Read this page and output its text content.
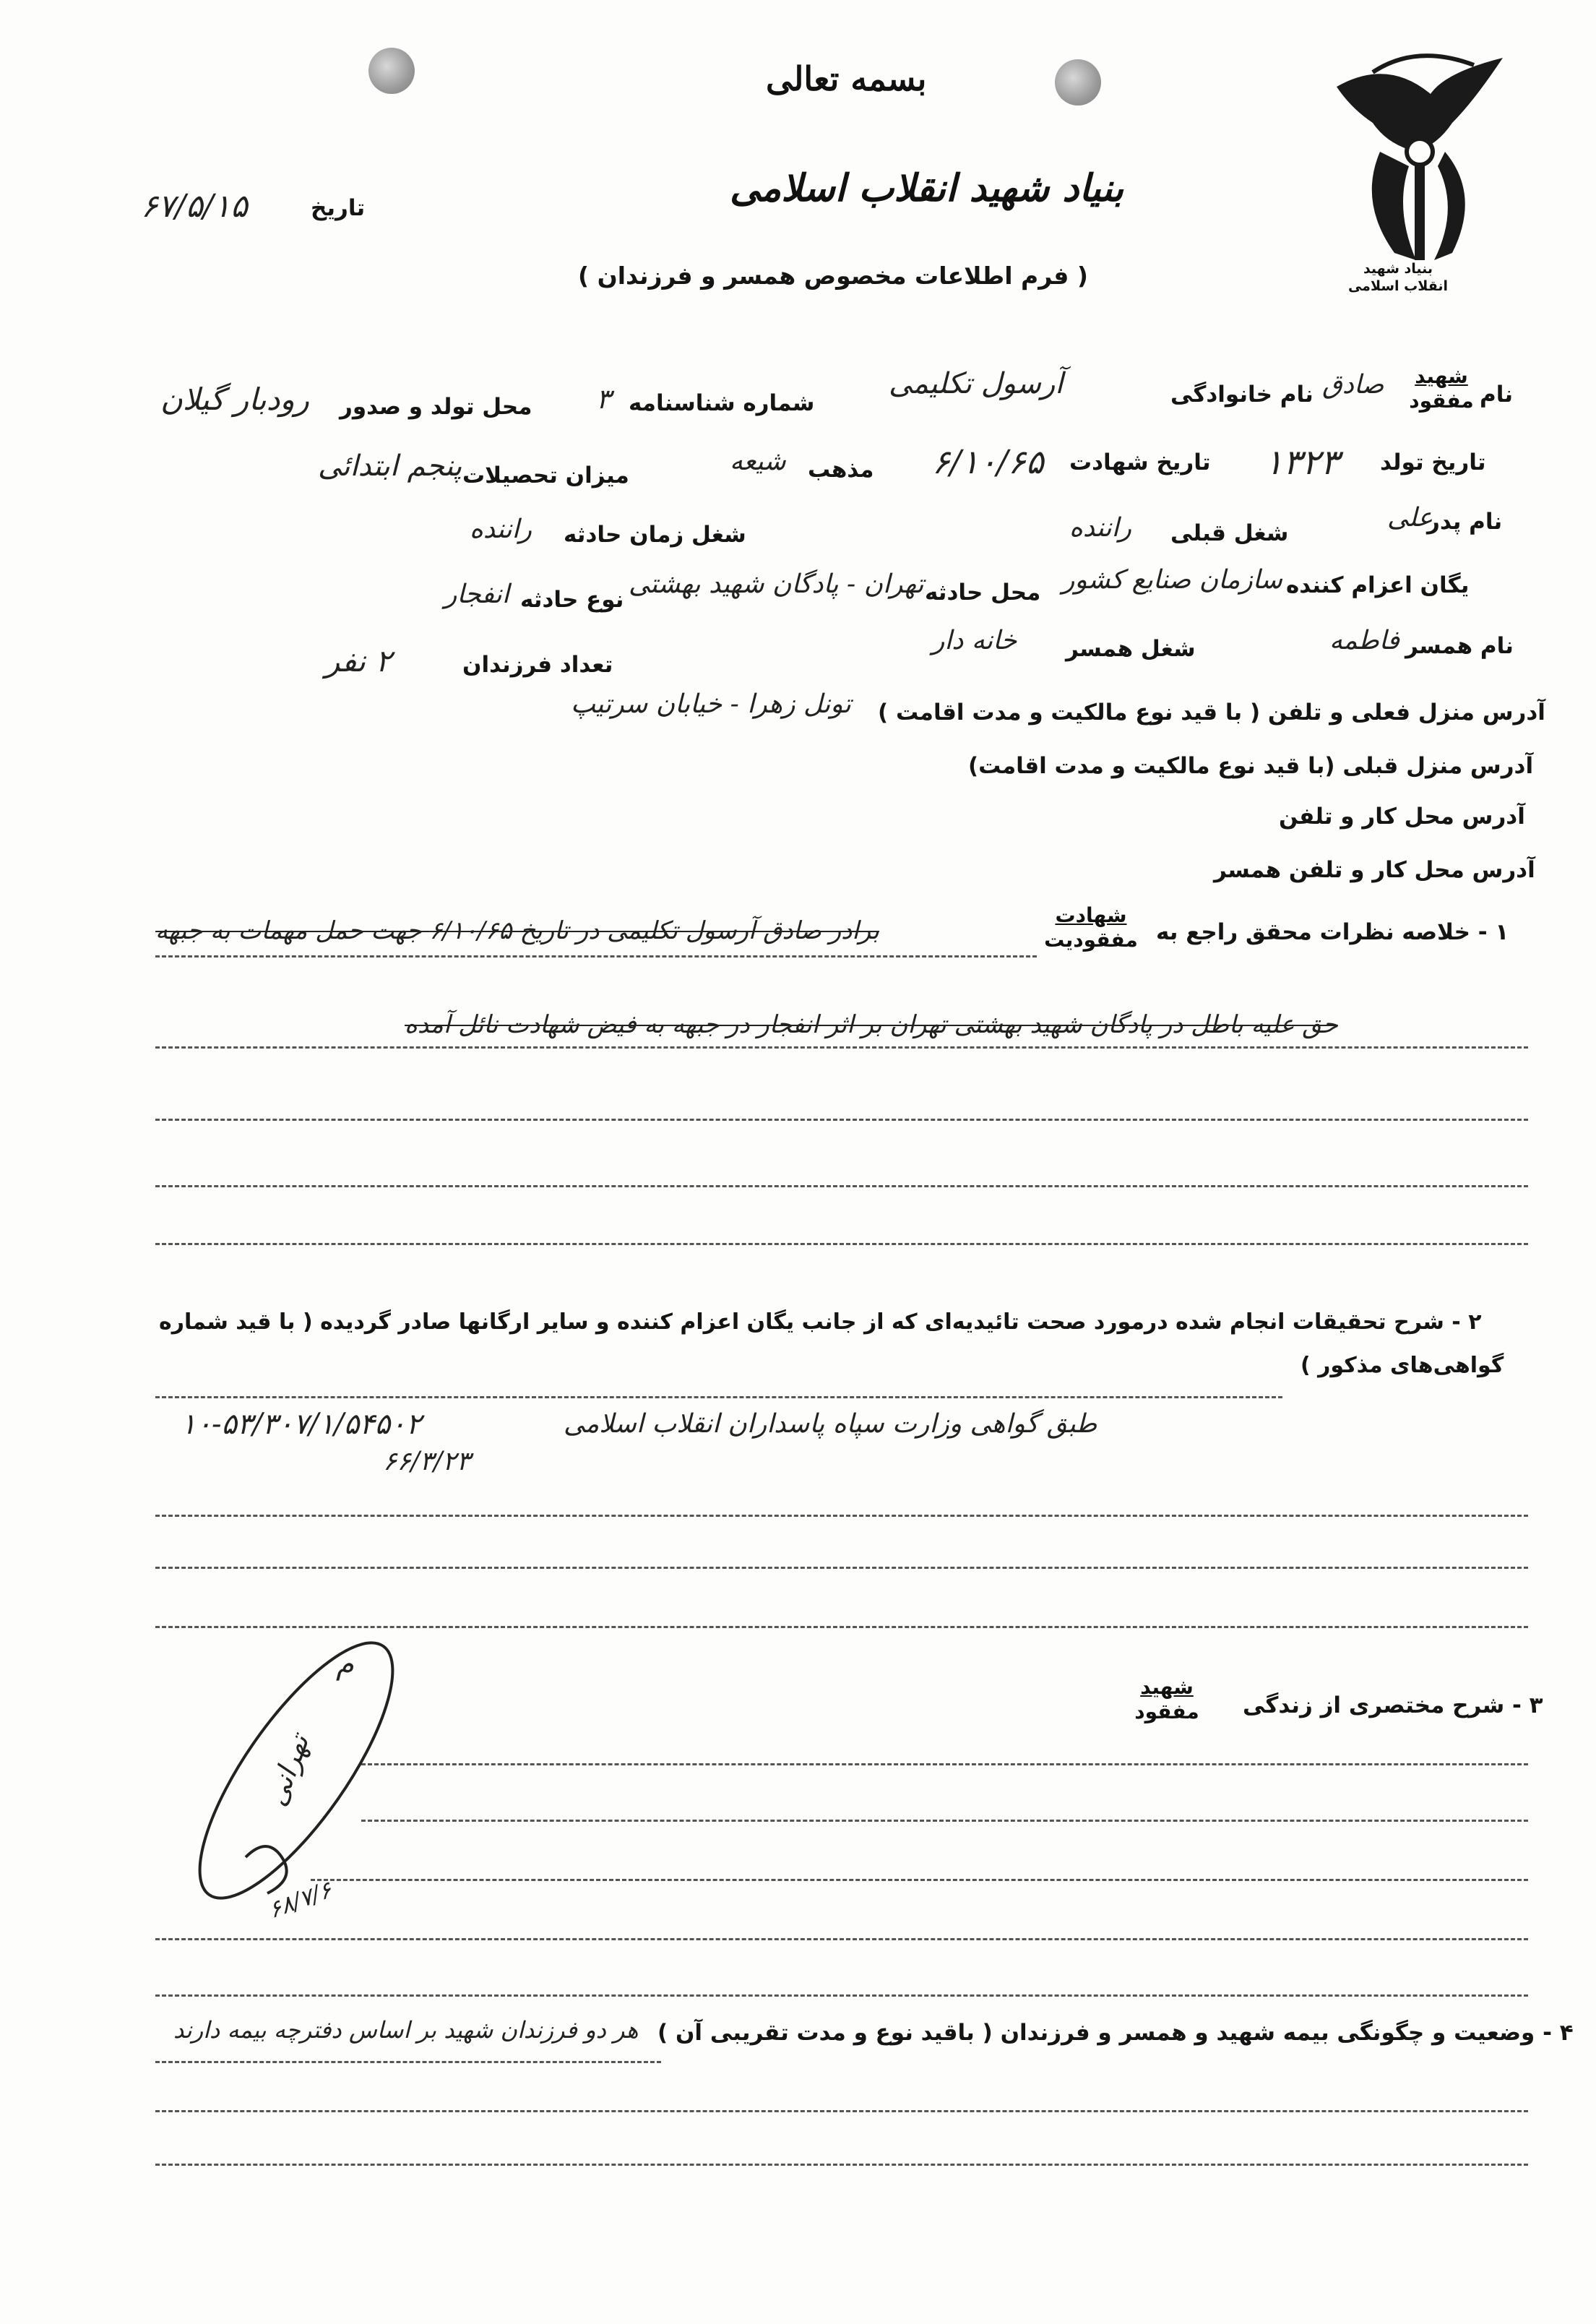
بسمه تعالی
بنیاد شهید انقلاب اسلامی
( فرم اطلاعات مخصوص همسر و فرزندان )
تاریخ
۶۷/۵/۱۵
بنیاد شهید انقلاب اسلامی
نام
شهید
مفقود
صادق
نام خانوادگی
آرسول تکلیمی
شماره شناسنامه
۳
محل تولد و صدور
رودبار گیلان
تاریخ تولد
۱۳۲۳
تاریخ شهادت
۶/۱۰/۶۵
مذهب
شیعه
میزان تحصیلات
پنجم ابتدائی
نام پدر
علی
شغل قبلی
راننده
شغل زمان حادثه
راننده
یگان اعزام کننده
سازمان صنایع کشور
محل حادثه
تهران - پادگان شهید بهشتی
نوع حادثه
انفجار
نام همسر
فاطمه
شغل همسر
خانه دار
تعداد فرزندان
۲ نفر
آدرس منزل فعلی و تلفن ( با قید نوع مالکیت و مدت اقامت )
تونل زهرا - خیابان سرتیپ
آدرس منزل قبلی (با قید نوع مالکیت و مدت اقامت)
آدرس محل کار و تلفن
آدرس محل کار و تلفن همسر
۱ - خلاصه نظرات محقق راجع به
شهادت
مفقودیت
برادر صادق آرسول تکلیمی در تاریخ ۶/۱۰/۶۵ جهت حمل مهمات به جبهه
حق علیه باطل در پادگان شهید بهشتی تهران بر اثر انفجار در جبهه به فیض شهادت نائل آمده
۲ - شرح تحقیقات انجام شده درمورد صحت تائیدیه‌ای که از جانب یگان اعزام کننده و سایر ارگانها صادر گردیده ( با قید شماره
گواهی‌های مذکور )
طبق گواهی وزارت سپاه پاسداران انقلاب اسلامی
۱۰-۵۳/۳۰۷/۱/۵۴۵۰۲
۶۶/۳/۲۳
۳ - شرح مختصری از زندگی
شهید
مفقود
م
تهرانی
۶۸/۷/۶
۴ - وضعیت و چگونگی بیمه شهید و همسر و فرزندان ( باقید نوع و مدت تقریبی آن )
هر دو فرزندان شهید بر اساس دفترچه بیمه دارند
